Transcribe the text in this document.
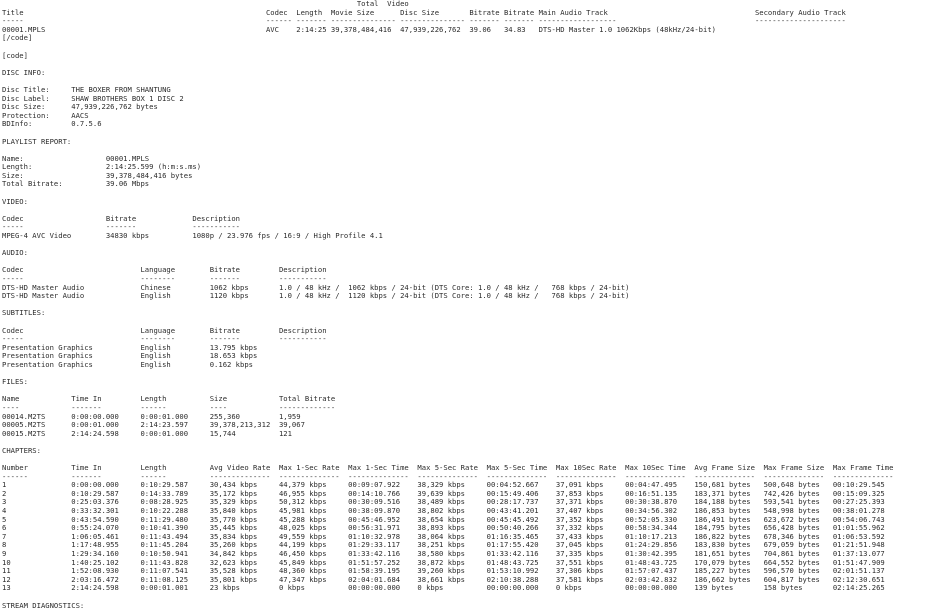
Total  Video
Title                                                        Codec  Length  Movie Size      Disc Size       Bitrate Bitrate Main Audio Track                                  Secondary Audio Track
-----                                                        ------ ------- --------------- --------------- ------- ------- ------------------                                ---------------------
00001.MPLS                                                   AVC    2:14:25 39,378,484,416  47,939,226,762  39.06   34.83   DTS-HD Master 1.0 1062Kbps (48kHz/24-bit)
[/code]
[code]
DISC INFO:
Disc Title:     THE BOXER FROM SHANTUNG
Disc Label:     SHAW BROTHERS BOX 1 DISC 2
Disc Size:      47,939,226,762 bytes
Protection:     AACS
BDInfo:         0.7.5.6
PLAYLIST REPORT:
Name:                   00001.MPLS
Length:                 2:14:25.599 (h:m:s.ms)
Size:                   39,378,484,416 bytes
Total Bitrate:          39.06 Mbps
VIDEO:
Codec                   Bitrate             Description
-----                   -------             -----------
MPEG-4 AVC Video        34830 kbps          1080p / 23.976 fps / 16:9 / High Profile 4.1
AUDIO:
Codec                           Language        Bitrate         Description
-----                           --------        -------         -----------
DTS-HD Master Audio             Chinese         1062 kbps       1.0 / 48 kHz /  1062 kbps / 24-bit (DTS Core: 1.0 / 48 kHz /   768 kbps / 24-bit)
DTS-HD Master Audio             English         1120 kbps       1.0 / 48 kHz /  1120 kbps / 24-bit (DTS Core: 1.0 / 48 kHz /   768 kbps / 24-bit)
SUBTITLES:
Codec                           Language        Bitrate         Description
-----                           --------        -------         -----------
Presentation Graphics           English         13.795 kbps
Presentation Graphics           English         18.653 kbps
Presentation Graphics           English         0.162 kbps
FILES:
Name            Time In         Length          Size            Total Bitrate
----            -------         ------          ----            -------------
00014.M2TS      0:00:00.000     0:00:01.000     255,360         1,959
00005.M2TS      0:00:01.000     2:14:23.597     39,378,213,312  39,067
00015.M2TS      2:14:24.598     0:00:01.000     15,744          121
CHAPTERS:
Number          Time In         Length          Avg Video Rate  Max 1-Sec Rate  Max 1-Sec Time  Max 5-Sec Rate  Max 5-Sec Time  Max 10Sec Rate  Max 10Sec Time  Avg Frame Size  Max Frame Size  Max Frame Time
------          -------         ------          --------------  --------------  --------------  --------------  --------------  --------------  --------------  --------------  --------------  --------------
1               0:00:00.000     0:10:29.587     30,434 kbps     44,379 kbps     00:09:07.922    38,329 kbps     00:04:52.667    37,091 kbps     00:04:47.495    150,681 bytes   500,648 bytes   00:10:29.545
2               0:10:29.587     0:14:33.789     35,172 kbps     46,955 kbps     00:14:10.766    39,639 kbps     00:15:49.406    37,853 kbps     00:16:51.135    183,371 bytes   742,426 bytes   00:15:09.325
3               0:25:03.376     0:08:28.925     35,329 kbps     50,312 kbps     00:30:09.516    38,489 kbps     00:28:17.737    37,371 kbps     00:30:38.870    184,188 bytes   593,541 bytes   00:27:25.393
4               0:33:32.301     0:10:22.288     35,840 kbps     45,981 kbps     00:38:09.870    38,802 kbps     00:43:41.201    37,407 kbps     00:34:56.302    186,853 bytes   548,998 bytes   00:38:01.278
5               0:43:54.590     0:11:29.480     35,770 kbps     45,288 kbps     00:45:46.952    38,654 kbps     00:45:45.492    37,352 kbps     00:52:05.330    186,491 bytes   623,672 bytes   00:54:06.743
6               0:55:24.070     0:10:41.390     35,445 kbps     48,025 kbps     00:56:31.971    38,893 kbps     00:50:40.266    37,332 kbps     00:58:34.344    184,795 bytes   656,428 bytes   01:01:55.962
7               1:06:05.461     0:11:43.494     35,834 kbps     49,559 kbps     01:10:32.978    38,064 kbps     01:16:35.465    37,433 kbps     01:10:17.213    186,822 bytes   678,346 bytes   01:06:53.592
8               1:17:48.955     0:11:45.204     35,260 kbps     44,199 kbps     01:29:33.117    38,251 kbps     01:17:55.420    37,045 kbps     01:24:29.856    183,830 bytes   679,059 bytes   01:21:51.948
9               1:29:34.160     0:10:50.941     34,842 kbps     46,450 kbps     01:33:42.116    38,580 kbps     01:33:42.116    37,335 kbps     01:30:42.395    181,651 bytes   704,861 bytes   01:37:13.077
10              1:40:25.102     0:11:43.828     32,623 kbps     45,849 kbps     01:51:57.252    38,872 kbps     01:48:43.725    37,551 kbps     01:48:43.725    170,079 bytes   664,552 bytes   01:51:47.909
11              1:52:08.930     0:11:07.541     35,528 kbps     48,360 kbps     01:58:39.195    39,260 kbps     01:53:10.992    37,306 kbps     01:57:07.437    185,227 bytes   596,570 bytes   02:01:51.137
12              2:03:16.472     0:11:08.125     35,801 kbps     47,347 kbps     02:04:01.684    38,661 kbps     02:10:38.288    37,581 kbps     02:03:42.832    186,662 bytes   604,817 bytes   02:12:30.651
13              2:14:24.598     0:00:01.001     23 kbps         0 kbps          00:00:00.000    0 kbps          00:00:00.000    0 kbps          00:00:00.000    139 bytes       158 bytes       02:14:25.265
STREAM DIAGNOSTICS:
